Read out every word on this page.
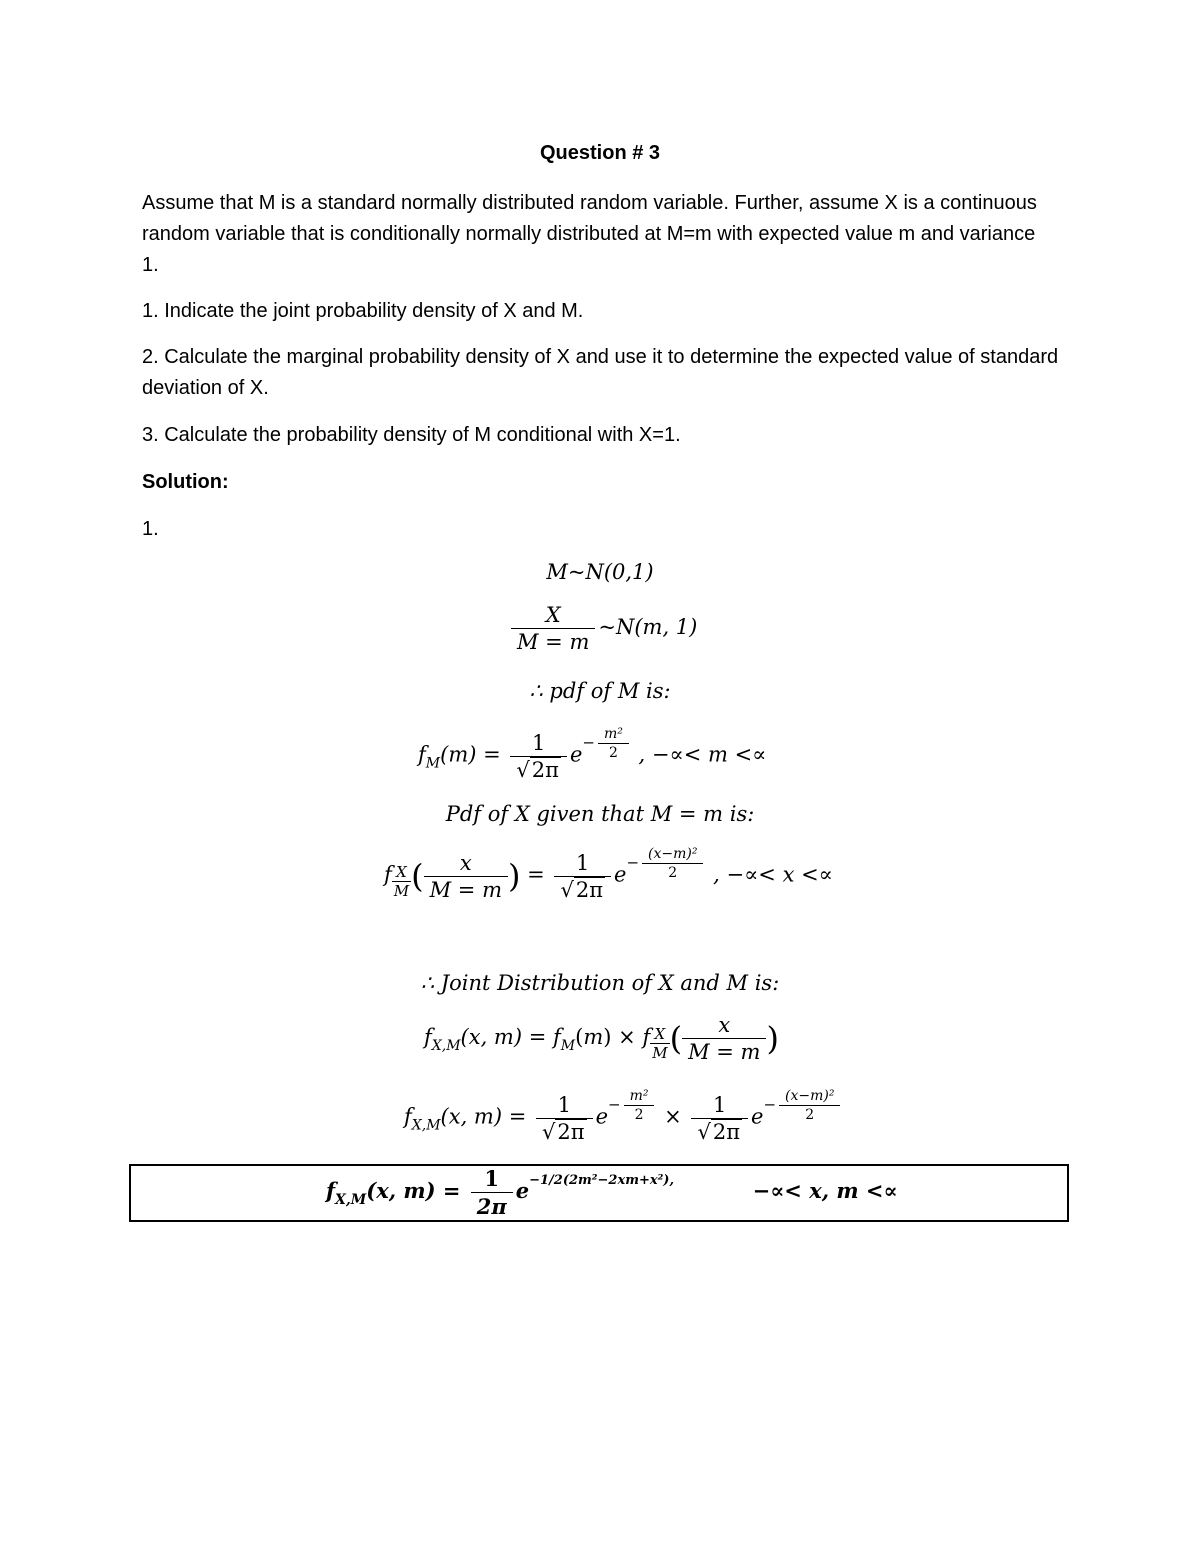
Question # 3
Assume that M is a standard normally distributed random variable. Further, assume X is a continuous random variable that is conditionally normally distributed at M=m with expected value m and variance 1.
1. Indicate the joint probability density of X and M.
2. Calculate the marginal probability density of X and use it to determine the expected value of standard deviation of X.
3. Calculate the probability density of M conditional with X=1.
Solution:
1.
M~N(0,1)
$\frac{X}{M = m}$ ~N(m, 1)
∴ pdf of M is:
$f_M(m) = \frac{1}{√2\pi} e- \frac{\text{m²}}{2}$ , −∝< m <∝
Pdf of X given that M = m is:
f $\frac{X}{M}$ ( $\frac{x}{M = m}$ ) = $\frac{1}{√2\pi} e- \frac{\text{(x−m)²}}{2}$ , −∝< x <∝
∴ Joint Distribution of X and M is:
$f_{X,M}(x$, $m) = f_M(m) \times f \frac{X}{M}$ ( $\frac{x}{M = m}$ )
$f_{X,M}(x$, $m) = \frac{1}{√2\pi} e- \frac{\text{m²}}{2} \times \frac{1}{√2\pi} e- \frac{\text{(x−m)²}}{2}$
$f_{X,M}(x$, $m) = \frac{1}{2\pi} e^{-1/2(2m^2-2xm+x^2),}$	−∝< x, m <∝
